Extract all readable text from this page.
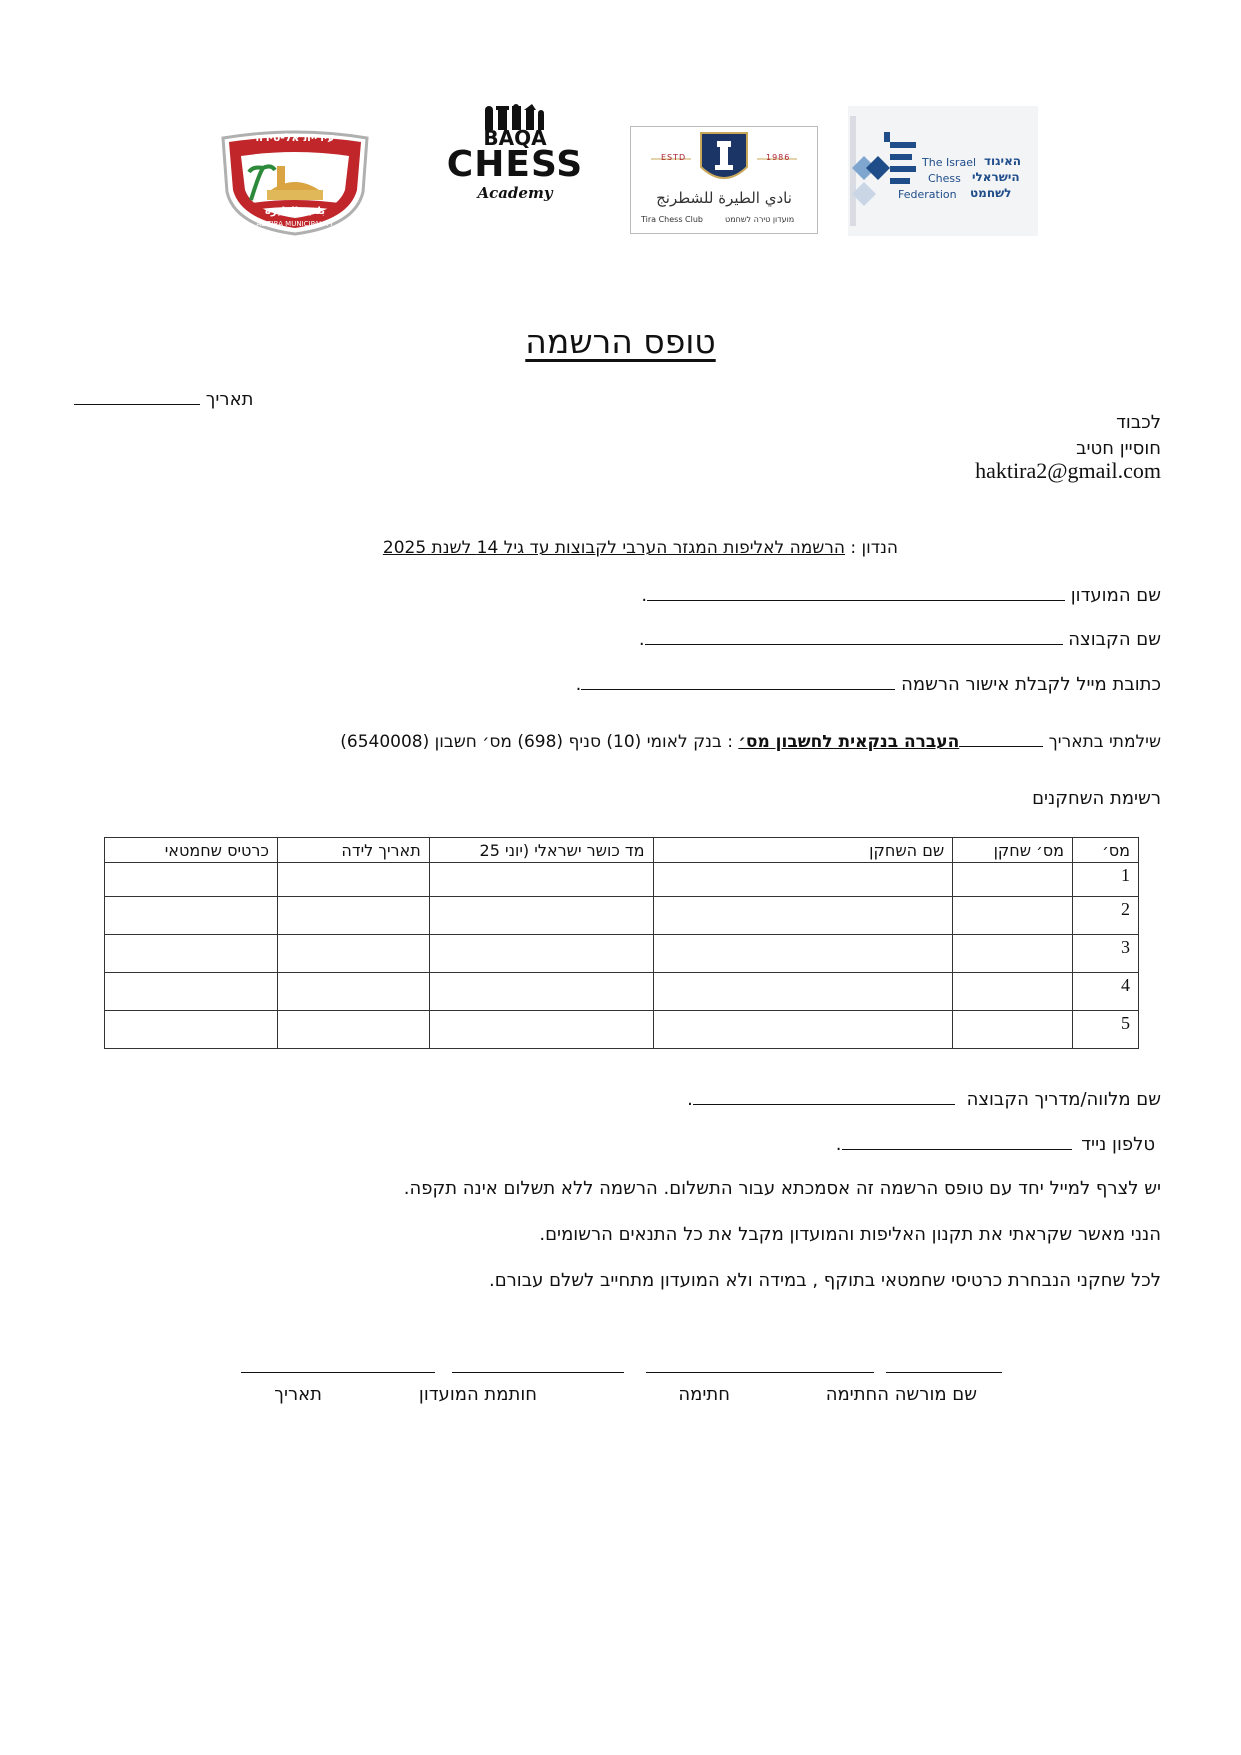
עיריית אל-טירה
بلدية الطيرة
AL TIRA MUNICIPALITY
BAQA
CHESS
Academy
ESTD	1986
نادي الطيرة للشطرنج
Tira Chess Club	מועדון טירה לשחמט
The Israel
Chess
Federation
האיגוד
הישראלי
לשחמט
טופס הרשמה
תאריך
לכבוד
חוסיין חטיב
haktira2@gmail.com
הנדון : הרשמה לאליפות המגזר הערבי לקבוצות עד גיל 14 לשנת 2025
שם המועדון .
שם הקבוצה .
כתובת מייל לקבלת אישור הרשמה .
שילמתי בתאריך העברה בנקאית לחשבון מס׳ : בנק לאומי (10) סניף (698) מס׳ חשבון (6540008)
רשימת השחקנים
מס׳	מס׳ שחקן	שם השחקן	מד כושר ישראלי (יוני 25	תאריך לידה	כרטיס שחמטאי
1					
2					
3					
4					
5					
שם מלווה/מדריך הקבוצה .
טלפון נייד .
יש לצרף למייל יחד עם טופס הרשמה זה אסמכתא עבור התשלום. הרשמה ללא תשלום אינה תקפה.
הנני מאשר שקראתי את תקנון האליפות והמועדון מקבל את כל התנאים הרשומים.
לכל שחקני הנבחרת כרטיסי שחמטאי בתוקף , במידה ולא המועדון מתחייב לשלם עבורם.
שם מורשה החתימה
חתימה
חותמת המועדון
תאריך
